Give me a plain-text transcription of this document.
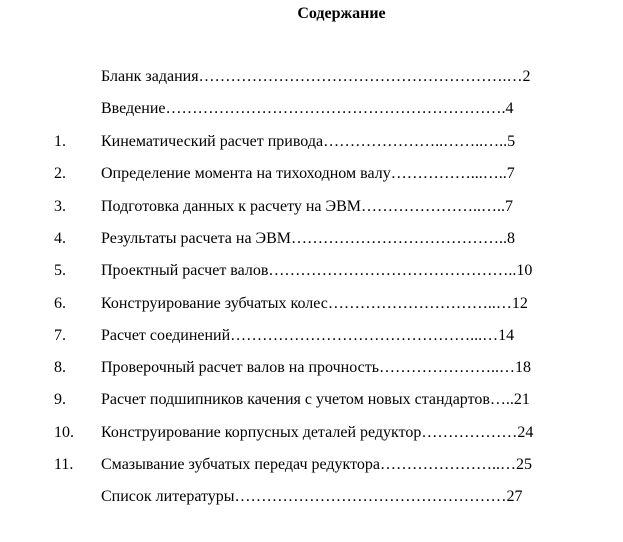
Содержание
Бланк задания………………………………………………….…2
Введение……………………………………………………….4
1. Кинематический расчет привода…………………..……..…..5
2. Определение момента на тихоходном валу……………...…..7
3. Подготовка данных к расчету на ЭВМ…………………..…..7
4. Результаты расчета на ЭВМ…………………………………..8
5. Проектный расчет валов………………………………………..10
6. Конструирование зубчатых колес…………………………..…12
7. Расчет соединений………………………………………...…14
8. Проверочный расчет валов на прочность…………………..…18
9. Расчет подшипников качения с учетом новых стандартов…..21
10. Конструирование корпусных деталей редуктор………………24
11. Смазывание зубчатых передач редуктора…………………..…25
Список литературы……………………………………………27
